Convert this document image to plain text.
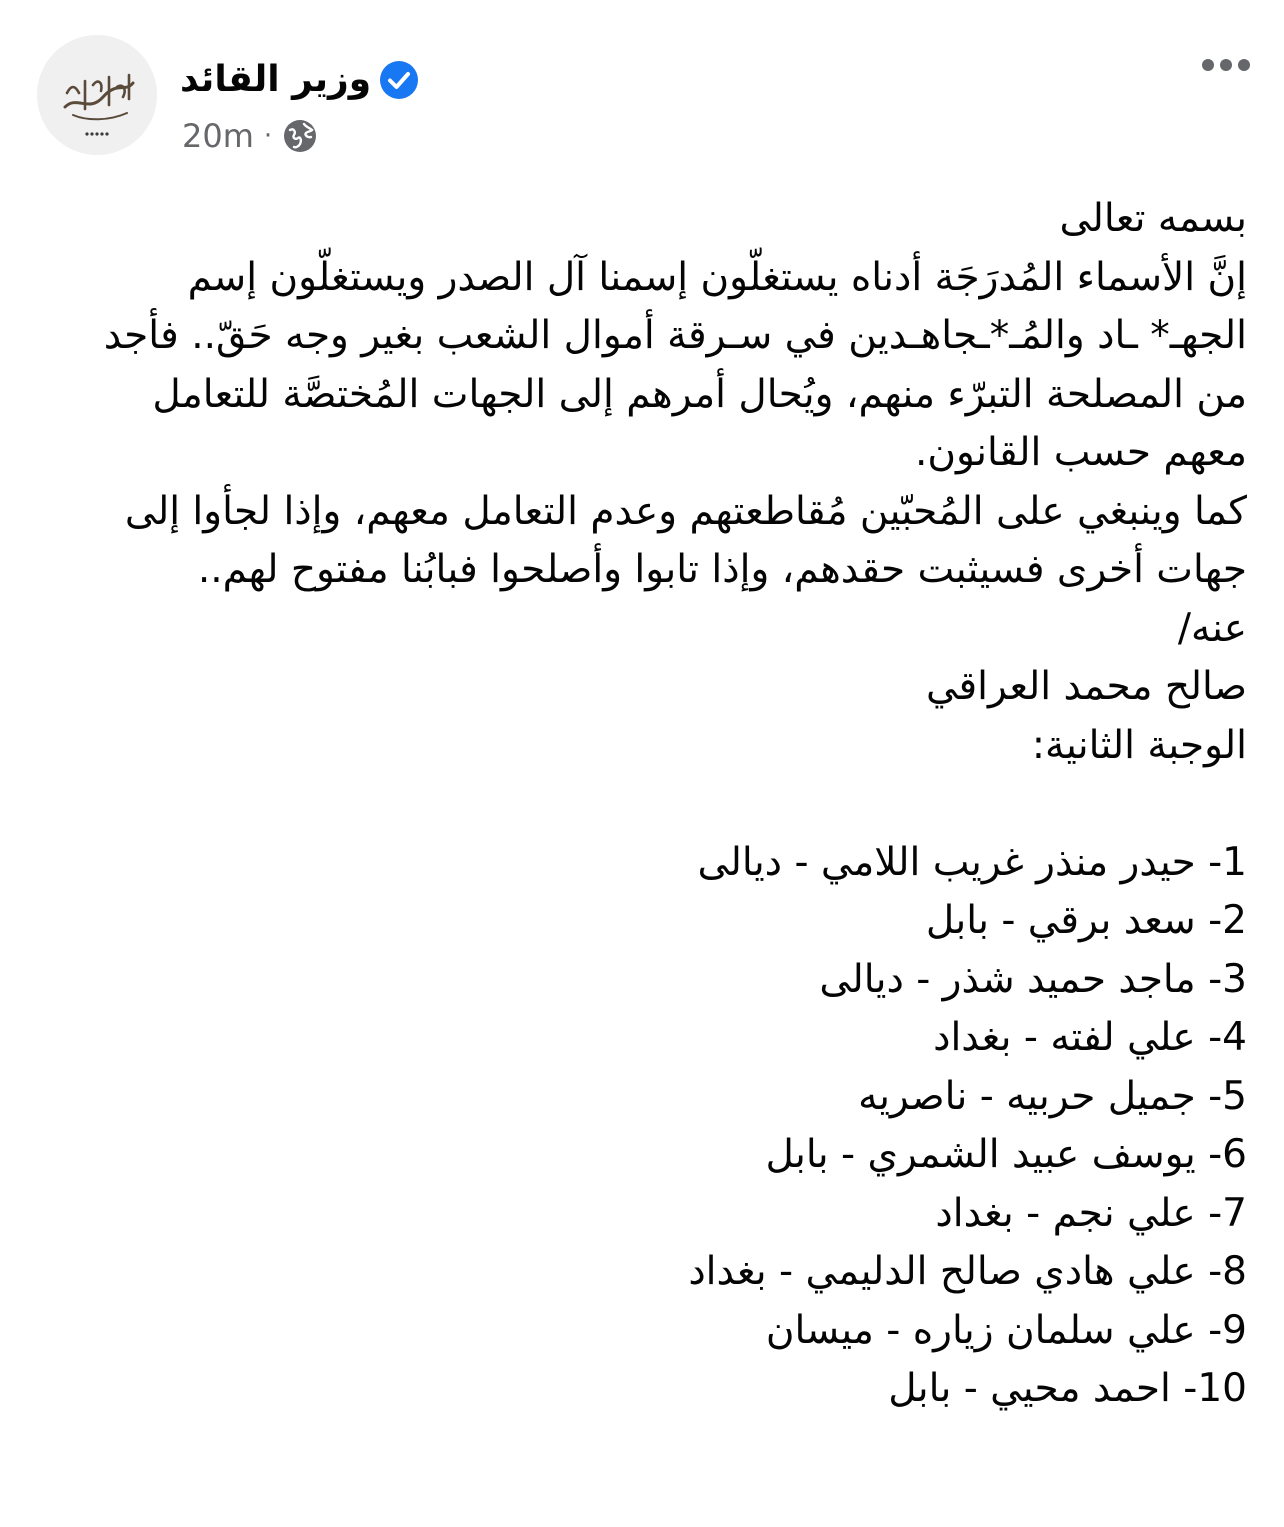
وزير القائد
20m ·

بسمه تعالى

إنَّ الأسماء المُدرَجَة أدناه يستغلّون إسمنا آل الصدر ويستغلّون إسم الجهـ* ـاد والمُـ*ـجاهـدين في سـرقة أموال الشعب بغير وجه حَقّ.. فأجد من المصلحة التبرّء منهم، ويُحال أمرهم إلى الجهات المُختصَّة للتعامل معهم حسب القانون.

كما وينبغي على المُحبّين مُقاطعتهم وعدم التعامل معهم، وإذا لجأوا إلى جهات أخرى فسيثبت حقدهم، وإذا تابوا وأصلحوا فبابُنا مفتوح لهم..

عنه/

صالح محمد العراقي

الوجبة الثانية:

1- حيدر منذر غريب اللامي - ديالى

2- سعد برقي - بابل

3- ماجد حميد شذر - ديالى

4- علي لفته - بغداد

5- جميل حربيه - ناصريه

6- يوسف عبيد الشمري - بابل

7- علي نجم - بغداد

8- علي هادي صالح الدليمي - بغداد

9- علي سلمان زياره - ميسان

10- احمد محيي - بابل
